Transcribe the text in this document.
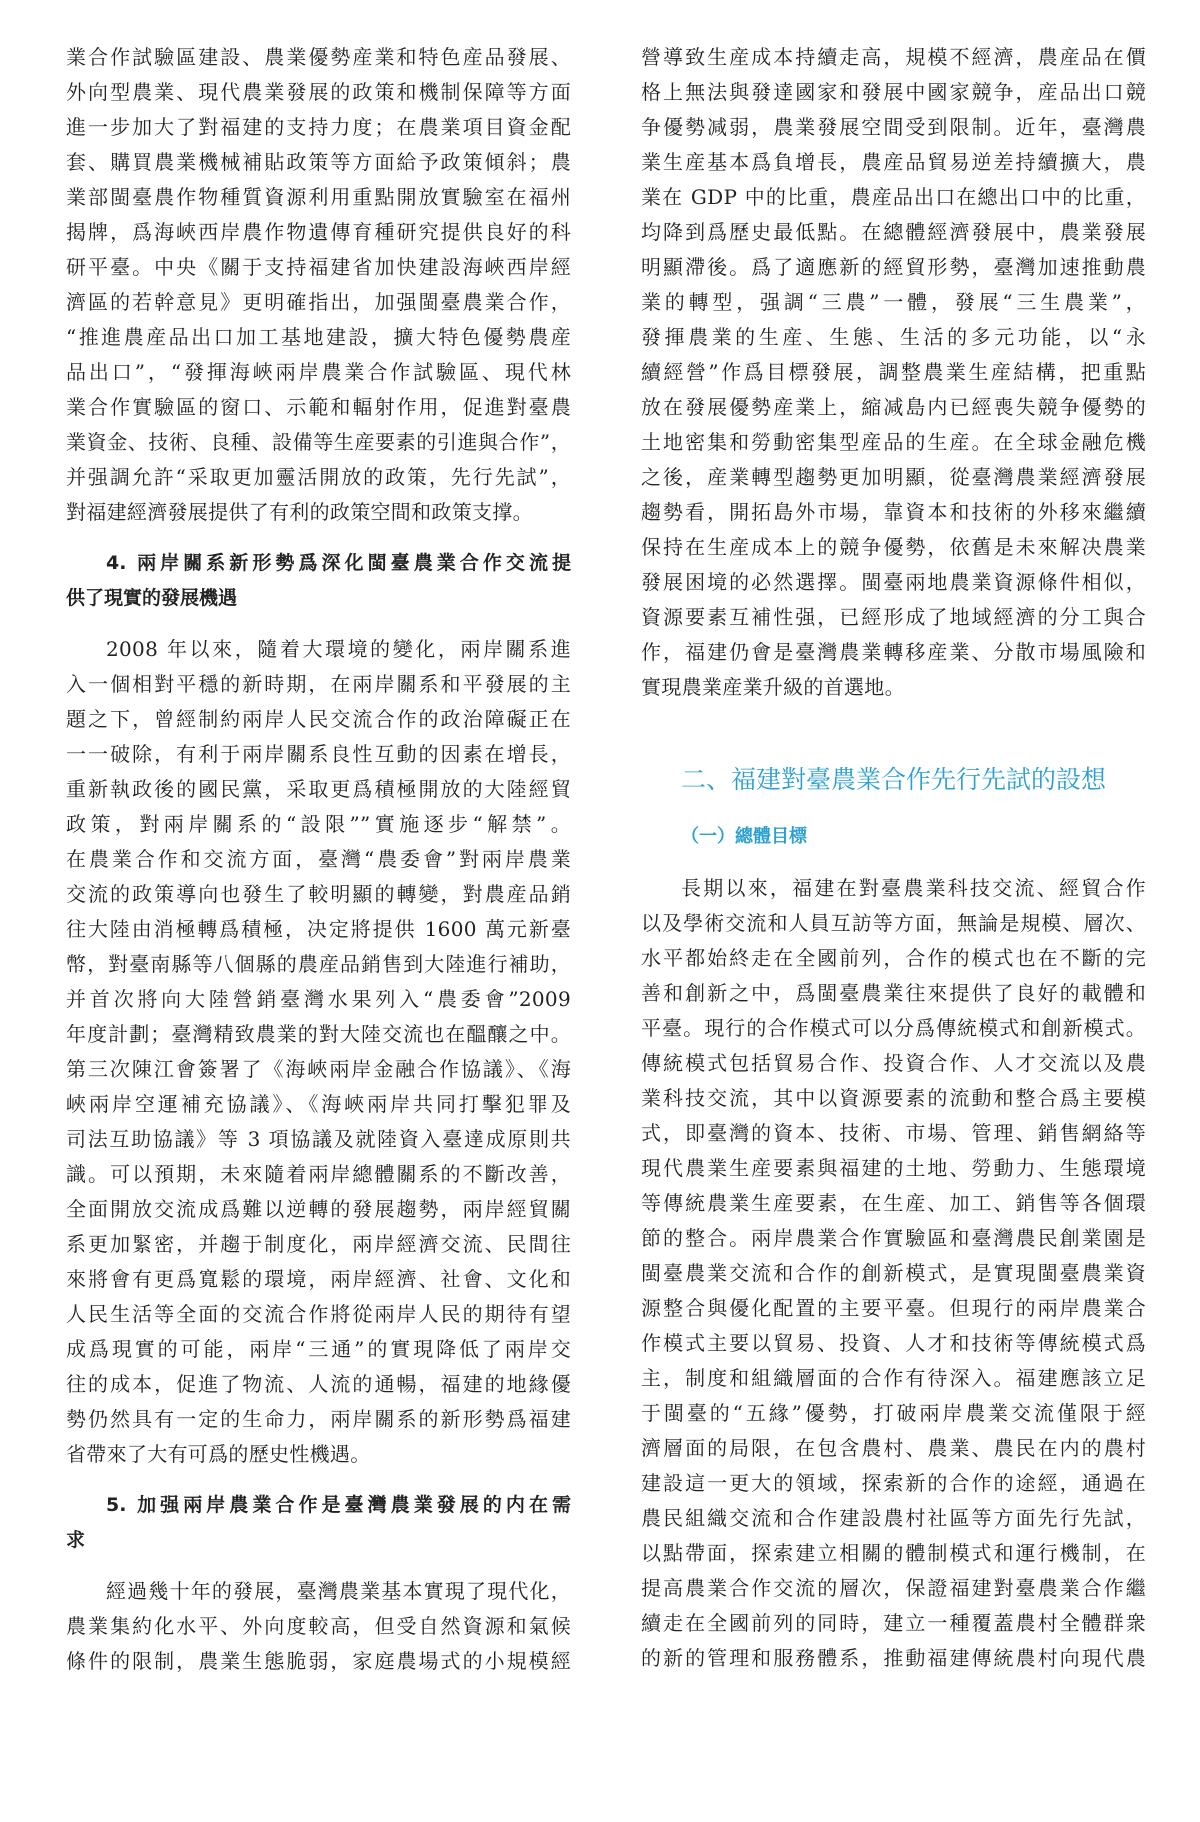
業合作試驗區建設、農業優勢産業和特色産品發展、
外向型農業、現代農業發展的政策和機制保障等方面
進一步加大了對福建的支持力度；在農業項目資金配
套、購買農業機械補貼政策等方面給予政策傾斜；農
業部閩臺農作物種質資源利用重點開放實驗室在福州
揭牌，爲海峽西岸農作物遺傳育種研究提供良好的科
研平臺。中央《關于支持福建省加快建設海峽西岸經
濟區的若幹意見》更明確指出，加强閩臺農業合作，
“推進農産品出口加工基地建設，擴大特色優勢農産
品出口”，“發揮海峽兩岸農業合作試驗區、現代林
業合作實驗區的窗口、示範和輻射作用，促進對臺農
業資金、技術、良種、設備等生産要素的引進與合作”，
并强調允許“采取更加靈活開放的政策，先行先試”，
對福建經濟發展提供了有利的政策空間和政策支撑。
4. 兩岸關系新形勢爲深化閩臺農業合作交流提
供了現實的發展機遇
2008 年以來，隨着大環境的變化，兩岸關系進
入一個相對平穩的新時期，在兩岸關系和平發展的主
題之下，曾經制約兩岸人民交流合作的政治障礙正在
一一破除，有利于兩岸關系良性互動的因素在增長，
重新執政後的國民黨，采取更爲積極開放的大陸經貿
政策，對兩岸關系的“設限””實施逐步“解禁”。
在農業合作和交流方面，臺灣“農委會”對兩岸農業
交流的政策導向也發生了較明顯的轉變，對農産品銷
往大陸由消極轉爲積極，决定將提供 1600 萬元新臺
幣，對臺南縣等八個縣的農産品銷售到大陸進行補助，
并首次將向大陸營銷臺灣水果列入“農委會”2009
年度計劃；臺灣精致農業的對大陸交流也在醞釀之中。
第三次陳江會簽署了《海峽兩岸金融合作協議》、《海
峽兩岸空運補充協議》、《海峽兩岸共同打擊犯罪及
司法互助協議》等 3 項協議及就陸資入臺達成原則共
識。可以預期，未來隨着兩岸總體關系的不斷改善，
全面開放交流成爲難以逆轉的發展趨勢，兩岸經貿關
系更加緊密，并趨于制度化，兩岸經濟交流、民間往
來將會有更爲寬鬆的環境，兩岸經濟、社會、文化和
人民生活等全面的交流合作將從兩岸人民的期待有望
成爲現實的可能，兩岸“三通”的實現降低了兩岸交
往的成本，促進了物流、人流的通暢，福建的地緣優
勢仍然具有一定的生命力，兩岸關系的新形勢爲福建
省帶來了大有可爲的歷史性機遇。
5. 加强兩岸農業合作是臺灣農業發展的内在需
求
經過幾十年的發展，臺灣農業基本實現了現代化，
農業集約化水平、外向度較高，但受自然資源和氣候
條件的限制，農業生態脆弱，家庭農場式的小規模經
營導致生産成本持續走高，規模不經濟，農産品在價
格上無法與發達國家和發展中國家競争，産品出口競
争優勢减弱，農業發展空間受到限制。近年，臺灣農
業生産基本爲負增長，農産品貿易逆差持續擴大，農
業在 GDP 中的比重，農産品出口在總出口中的比重，
均降到爲歷史最低點。在總體經濟發展中，農業發展
明顯滯後。爲了適應新的經貿形勢，臺灣加速推動農
業的轉型，强調“三農”一體，發展“三生農業”，
發揮農業的生産、生態、生活的多元功能，以“永
續經營”作爲目標發展，調整農業生産結構，把重點
放在發展優勢産業上，縮减島内已經喪失競争優勢的
土地密集和勞動密集型産品的生産。在全球金融危機
之後，産業轉型趨勢更加明顯，從臺灣農業經濟發展
趨勢看，開拓島外市場，靠資本和技術的外移來繼續
保持在生産成本上的競争優勢，依舊是未來解决農業
發展困境的必然選擇。閩臺兩地農業資源條件相似，
資源要素互補性强，已經形成了地域經濟的分工與合
作，福建仍會是臺灣農業轉移産業、分散市場風險和
實現農業産業升級的首選地。
二、福建對臺農業合作先行先試的設想
（一）總體目標
長期以來，福建在對臺農業科技交流、經貿合作
以及學術交流和人員互訪等方面，無論是規模、層次、
水平都始終走在全國前列，合作的模式也在不斷的完
善和創新之中，爲閩臺農業往來提供了良好的載體和
平臺。現行的合作模式可以分爲傳統模式和創新模式。
傳統模式包括貿易合作、投資合作、人才交流以及農
業科技交流，其中以資源要素的流動和整合爲主要模
式，即臺灣的資本、技術、市場、管理、銷售網絡等
現代農業生産要素與福建的土地、勞動力、生態環境
等傳統農業生産要素，在生産、加工、銷售等各個環
節的整合。兩岸農業合作實驗區和臺灣農民創業園是
閩臺農業交流和合作的創新模式，是實現閩臺農業資
源整合與優化配置的主要平臺。但現行的兩岸農業合
作模式主要以貿易、投資、人才和技術等傳統模式爲
主，制度和組織層面的合作有待深入。福建應該立足
于閩臺的“五緣”優勢，打破兩岸農業交流僅限于經
濟層面的局限，在包含農村、農業、農民在内的農村
建設這一更大的領域，探索新的合作的途經，通過在
農民組織交流和合作建設農村社區等方面先行先試，
以點帶面，探索建立相關的體制模式和運行機制，在
提高農業合作交流的層次，保證福建對臺農業合作繼
續走在全國前列的同時，建立一種覆蓋農村全體群衆
的新的管理和服務體系，推動福建傳統農村向現代農
